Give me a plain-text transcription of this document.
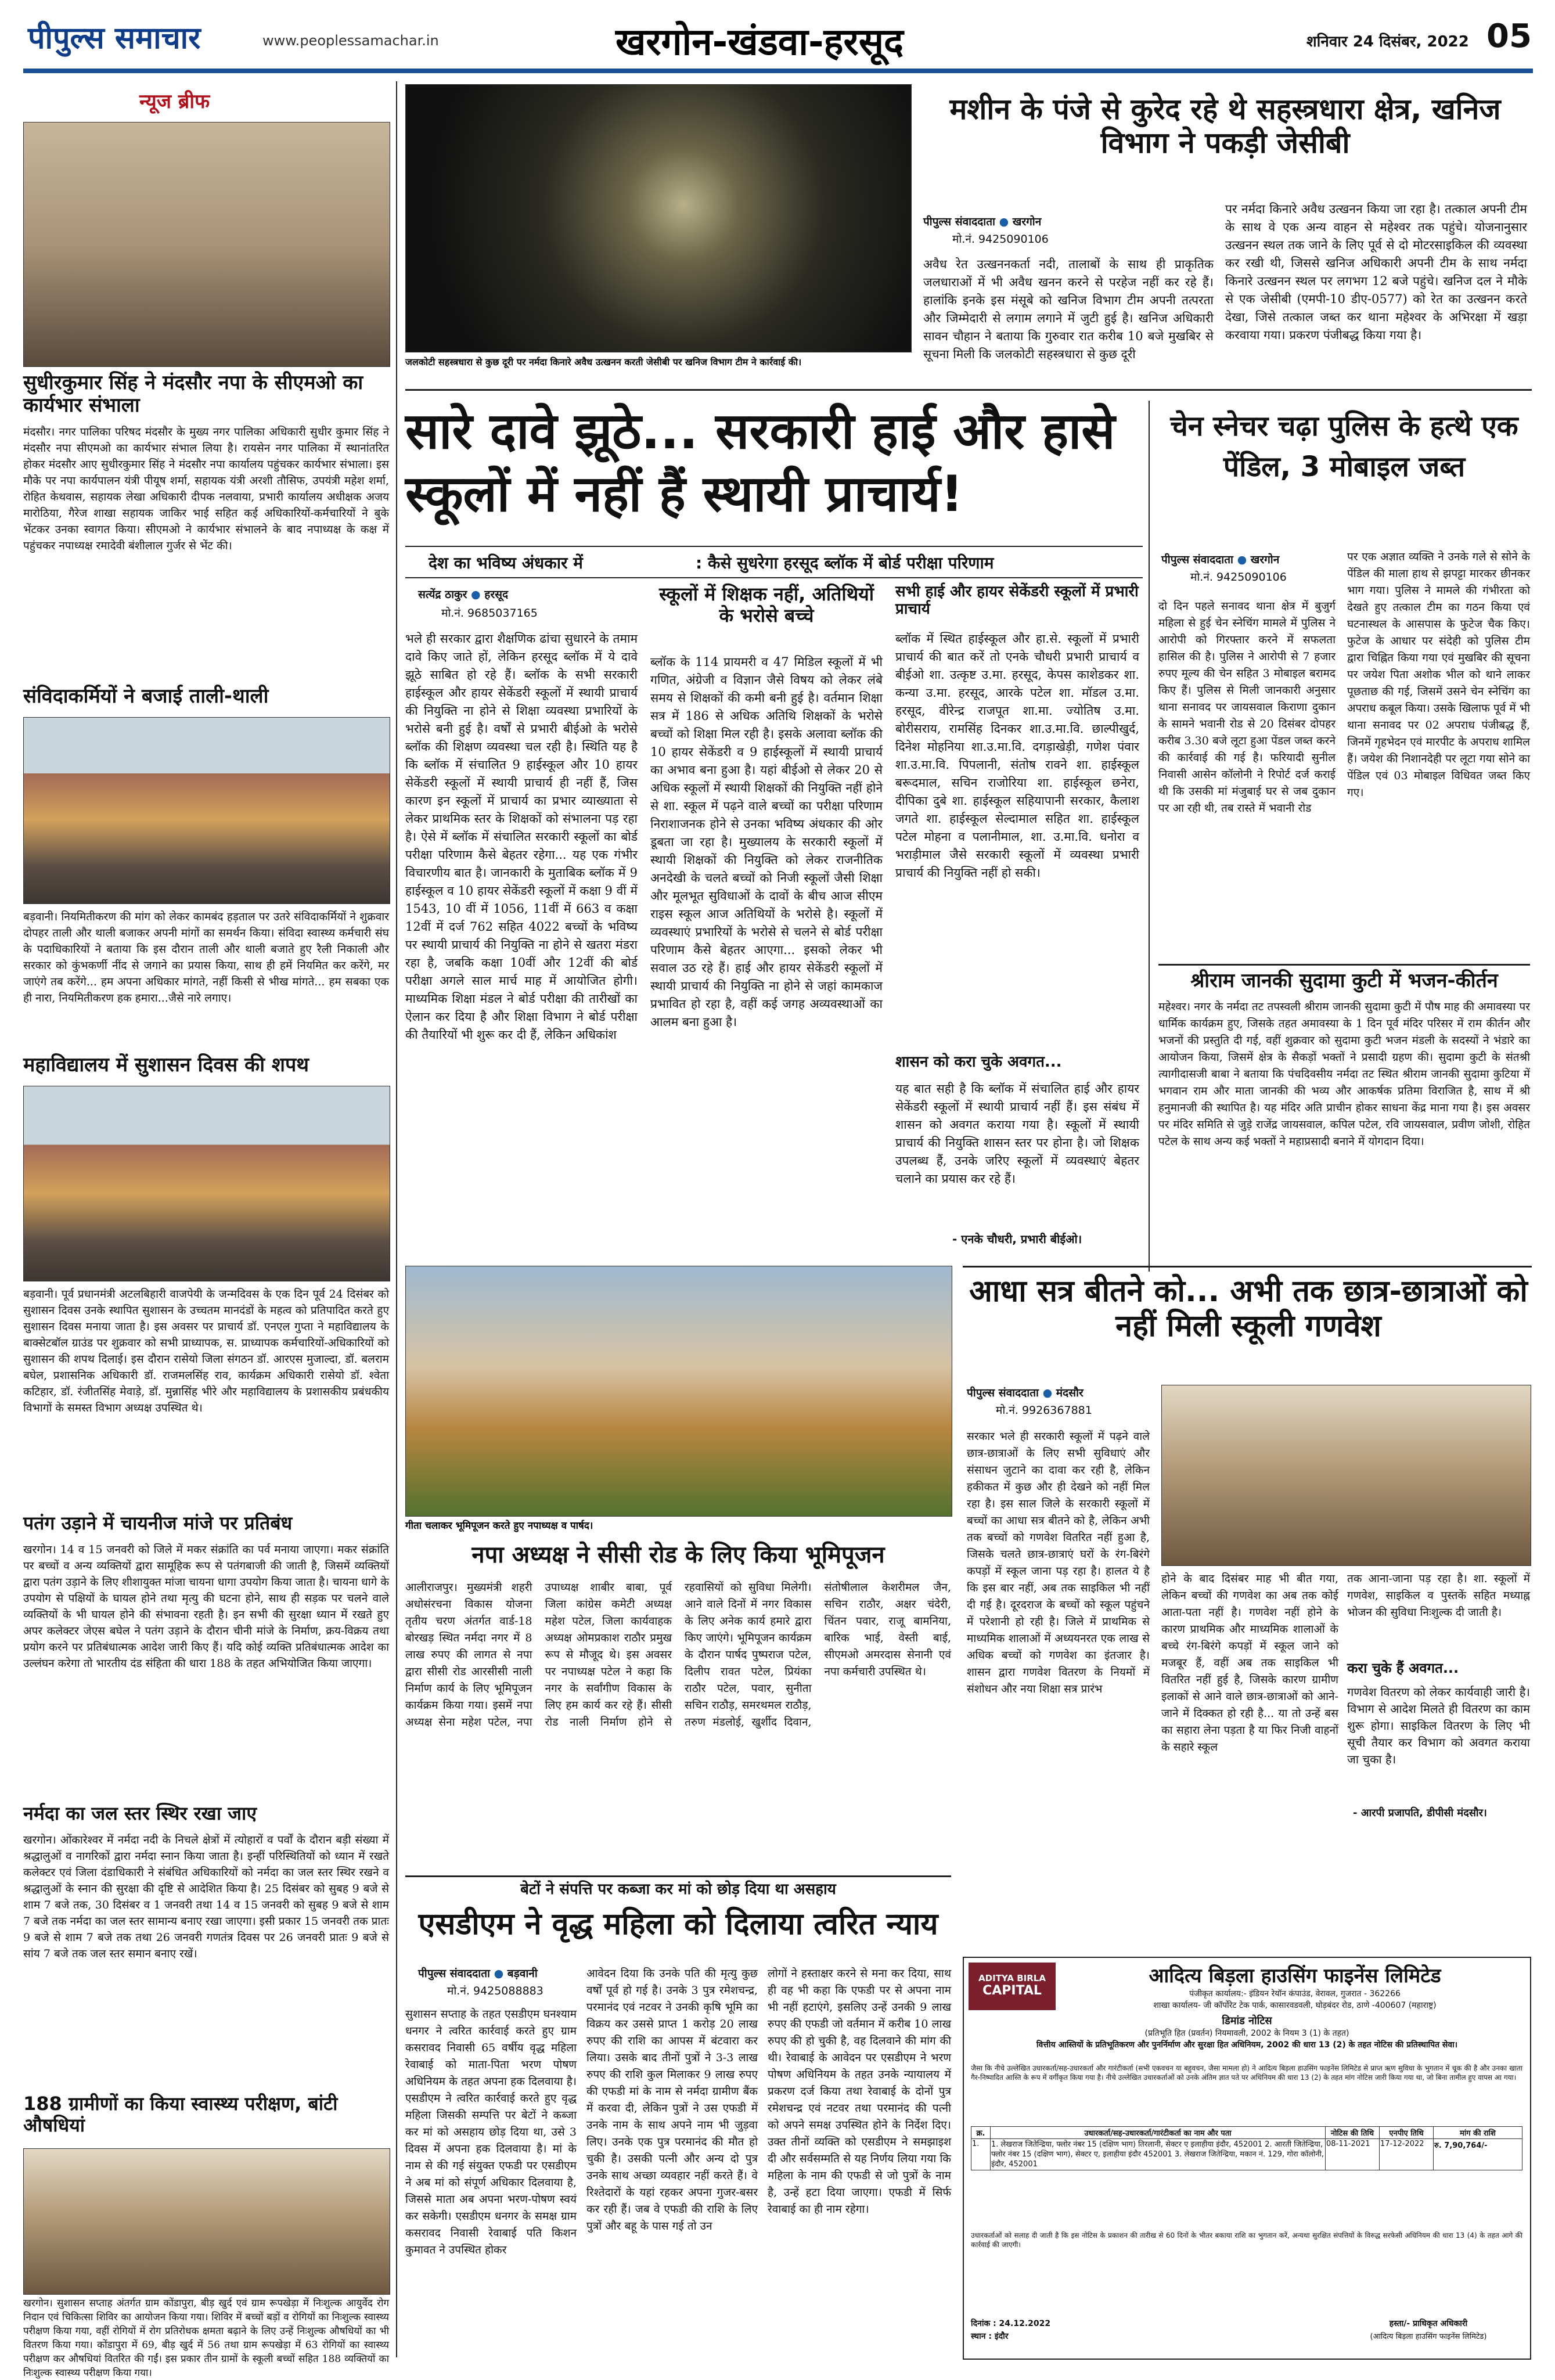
पीपुल्स समाचार	www.peoplessamachar.in	खरगोन-खंडवा-हरसूद	शनिवार 24 दिसंबर, 2022 05
न्यूज ब्रीफ
सुधीरकुमार सिंह ने मंदसौर नपा के सीएमओ का कार्यभार संभाला
मंदसौर। नगर पालिका परिषद मंदसौर के मुख्य नगर पालिका अधिकारी सुधीर कुमार सिंह ने मंदसौर नपा सीएमओ का कार्यभार संभाल लिया है। रायसेन नगर पालिका में स्थानांतरित होकर मंदसौर आए सुधीरकुमार सिंह ने मंदसौर नपा कार्यालय पहुंचकर कार्यभार संभाला। इस मौके पर नपा कार्यपालन यंत्री पीयूष शर्मा, सहायक यंत्री अरशी तौसिफ, उपयंत्री महेश शर्मा, रोहित केथवास, सहायक लेखा अधिकारी दीपक नलवाया, प्रभारी कार्यालय अधीक्षक अजय मारोठिया, गैरेज शाखा सहायक जाकिर भाई सहित कई अधिकारियों-कर्मचारियों ने बुके भेंटकर उनका स्वागत किया। सीएमओ ने कार्यभार संभालने के बाद नपाध्यक्ष के कक्ष में पहुंचकर नपाध्यक्ष रमादेवी बंशीलाल गुर्जर से भेंट की।
संविदाकर्मियों ने बजाई ताली-थाली
बड़वानी। नियमितीकरण की मांग को लेकर कामबंद हड़ताल पर उतरे संविदाकर्मियों ने शुक्रवार दोपहर ताली और थाली बजाकर अपनी मांगों का समर्थन किया। संविदा स्वास्थ्य कर्मचारी संघ के पदाधिकारियों ने बताया कि इस दौरान ताली और थाली बजाते हुए रैली निकाली और सरकार को कुंभकर्णी नींद से जगाने का प्रयास किया, साथ ही हमें नियमित कर करेंगे, मर जाएंगे तब करेंगे... हम अपना अधिकार मांगते, नहीं किसी से भीख मांगते... हम सबका एक ही नारा, नियमितीकरण हक हमारा...जैसे नारे लगाए।
महाविद्यालय में सुशासन दिवस की शपथ
बड़वानी। पूर्व प्रधानमंत्री अटलबिहारी वाजपेयी के जन्मदिवस के एक दिन पूर्व 24 दिसंबर को सुशासन दिवस उनके स्थापित सुशासन के उच्चतम मानदंडों के महत्व को प्रतिपादित करते हुए सुशासन दिवस मनाया जाता है। इस अवसर पर प्राचार्य डॉ. एनएल गुप्ता ने महाविद्यालय के बाक्सेटबॉल ग्राउंड पर शुक्रवार को सभी प्राध्यापक, स. प्राध्यापक कर्मचारियों-अधिकारियों को सुशासन की शपथ दिलाई। इस दौरान रासेयो जिला संगठन डॉ. आरएस मुजाल्दा, डॉ. बलराम बघेल, प्रशासनिक अधिकारी डॉ. राजमलसिंह राव, कार्यक्रम अधिकारी रासेयो डॉ. श्वेता कटिहार, डॉ. रंजीतसिंह मेवाड़े, डॉ. मुन्नासिंह भीरे और महाविद्यालय के प्रशासकीय प्रबंधकीय विभागों के समस्त विभाग अध्यक्ष उपस्थित थे।
पतंग उड़ाने में चायनीज मांजे पर प्रतिबंध
खरगोन। 14 व 15 जनवरी को जिले में मकर संक्रांति का पर्व मनाया जाएगा। मकर संक्रांति पर बच्चों व अन्य व्यक्तियों द्वारा सामूहिक रूप से पतंगबाजी की जाती है, जिसमें व्यक्तियों द्वारा पतंग उड़ाने के लिए शीशायुक्त मांजा चायना धागा उपयोग किया जाता है। चायना धागे के उपयोग से पक्षियों के घायल होने तथा मृत्यु की घटना होने, साथ ही सड़क पर चलने वाले व्यक्तियों के भी घायल होने की संभावना रहती है। इन सभी की सुरक्षा ध्यान में रखते हुए अपर कलेक्टर जेएस बघेल ने पतंग उड़ाने के दौरान चीनी मांजे के निर्माण, क्रय-विक्रय तथा प्रयोग करने पर प्रतिबंधात्मक आदेश जारी किए हैं। यदि कोई व्यक्ति प्रतिबंधात्मक आदेश का उल्लंघन करेगा तो भारतीय दंड संहिता की धारा 188 के तहत अभियोजित किया जाएगा।
नर्मदा का जल स्तर स्थिर रखा जाए
खरगोन। ओंकारेश्वर में नर्मदा नदी के निचले क्षेत्रों में त्योहारों व पर्वों के दौरान बड़ी संख्या में श्रद्धालुओं व नागरिकों द्वारा नर्मदा स्नान किया जाता है। इन्हीं परिस्थितियों को ध्यान में रखते कलेक्टर एवं जिला दंडाधिकारी ने संबंधित अधिकारियों को नर्मदा का जल स्तर स्थिर रखने व श्रद्धालुओं के स्नान की सुरक्षा की दृष्टि से आदेशित किया है। 25 दिसंबर को सुबह 9 बजे से शाम 7 बजे तक, 30 दिसंबर व 1 जनवरी तथा 14 व 15 जनवरी को सुबह 9 बजे से शाम 7 बजे तक नर्मदा का जल स्तर सामान्य बनाए रखा जाएगा। इसी प्रकार 15 जनवरी तक प्रातः 9 बजे से शाम 7 बजे तक तथा 26 जनवरी गणतंत्र दिवस पर 26 जनवरी प्रातः 9 बजे से सांय 7 बजे तक जल स्तर समान बनाए रखें।
188 ग्रामीणों का किया स्वास्थ्य परीक्षण, बांटी औषधियां
खरगोन। सुशासन सप्ताह अंतर्गत ग्राम कोंडापुरा, बीड़ खुर्द एवं ग्राम रूपखेड़ा में निःशुल्क आयुर्वेद रोग निदान एवं चिकित्सा शिविर का आयोजन किया गया। शिविर में बच्चों बड़ों व रोगियों का निःशुल्क स्वास्थ्य परीक्षण किया गया, वहीं रोगियों में रोग प्रतिरोधक क्षमता बढ़ाने के लिए उन्हें निःशुल्क औषधियों का भी वितरण किया गया। कोंडापुरा में 69, बीड़ खुर्द में 56 तथा ग्राम रूपखेड़ा में 63 रोगियों का स्वास्थ्य परीक्षण कर औषधियां वितरित की गईं। इस प्रकार तीन ग्रामों के स्कूली बच्चों सहित 188 व्यक्तियों का निःशुल्क स्वास्थ्य परीक्षण किया गया।
जलकोटी सहस्त्रधारा से कुछ दूरी पर नर्मदा किनारे अवैध उत्खनन करती जेसीबी पर खनिज विभाग टीम ने कार्रवाई की।
मशीन के पंजे से कुरेद रहे थे सहस्त्रधारा क्षेत्र, खनिज विभाग ने पकड़ी जेसीबी
पीपुल्स संवाददाता ● खरगोन
मो.नं. 9425090106
अवैध रेत उत्खननकर्ता नदी, तालाबों के साथ ही प्राकृतिक जलधाराओं में भी अवैध खनन करने से परहेज नहीं कर रहे हैं। हालांकि इनके इस मंसूबे को खनिज विभाग टीम अपनी तत्परता और जिम्मेदारी से लगाम लगाने में जुटी हुई है। खनिज अधिकारी सावन चौहान ने बताया कि गुरुवार रात करीब 10 बजे मुखबिर से सूचना मिली कि जलकोटी सहस्त्रधारा से कुछ दूरी
पर नर्मदा किनारे अवैध उत्खनन किया जा रहा है। तत्काल अपनी टीम के साथ वे एक अन्य वाहन से महेश्वर तक पहुंचे। योजनानुसार उत्खनन स्थल तक जाने के लिए पूर्व से दो मोटरसाइकिल की व्यवस्था कर रखी थी, जिससे खनिज अधिकारी अपनी टीम के साथ नर्मदा किनारे उत्खनन स्थल पर लगभग 12 बजे पहुंचे। खनिज दल ने मौके से एक जेसीबी (एमपी-10 डीए-0577) को रेत का उत्खनन करते देखा, जिसे तत्काल जब्त कर थाना महेश्वर के अभिरक्षा में खड़ा करवाया गया। प्रकरण पंजीबद्ध किया गया है।
सारे दावे झूठे... सरकारी हाई और हासे स्कूलों में नहीं हैं स्थायी प्राचार्य!
देश का भविष्य अंधकार में	: कैसे सुधरेगा हरसूद ब्लॉक में बोर्ड परीक्षा परिणाम
सत्येंद्र ठाकुर ● हरसूद
मो.नं. 9685037165
भले ही सरकार द्वारा शैक्षणिक ढांचा सुधारने के तमाम दावे किए जाते हों, लेकिन हरसूद ब्लॉक में ये दावे झूठे साबित हो रहे हैं। ब्लॉक के सभी सरकारी हाईस्कूल और हायर सेकेंडरी स्कूलों में स्थायी प्राचार्य की नियुक्ति ना होने से शिक्षा व्यवस्था प्रभारियों के भरोसे बनी हुई है। वर्षों से प्रभारी बीईओ के भरोसे ब्लॉक की शिक्षण व्यवस्था चल रही है। स्थिति यह है कि ब्लॉक में संचालित 9 हाईस्कूल और 10 हायर सेकेंडरी स्कूलों में स्थायी प्राचार्य ही नहीं हैं, जिस कारण इन स्कूलों में प्राचार्य का प्रभार व्याख्याता से लेकर प्राथमिक स्तर के शिक्षकों को संभालना पड़ रहा है। ऐसे में ब्लॉक में संचालित सरकारी स्कूलों का बोर्ड परीक्षा परिणाम कैसे बेहतर रहेगा... यह एक गंभीर विचारणीय बात है। जानकारी के मुताबिक ब्लॉक में 9 हाईस्कूल व 10 हायर सेकेंडरी स्कूलों में कक्षा 9 वीं में 1543, 10 वीं में 1056, 11वीं में 663 व कक्षा 12वीं में दर्ज 762 सहित 4022 बच्चों के भविष्य पर स्थायी प्राचार्य की नियुक्ति ना होने से खतरा मंडरा रहा है, जबकि कक्षा 10वीं और 12वीं की बोर्ड परीक्षा अगले साल मार्च माह में आयोजित होगी। माध्यमिक शिक्षा मंडल ने बोर्ड परीक्षा की तारीखों का ऐलान कर दिया है और शिक्षा विभाग ने बोर्ड परीक्षा की तैयारियों भी शुरू कर दी हैं, लेकिन अधिकांश
स्कूलों में शिक्षक नहीं, अतिथियों के भरोसे बच्चे
ब्लॉक के 114 प्रायमरी व 47 मिडिल स्कूलों में भी गणित, अंग्रेजी व विज्ञान जैसे विषय को लेकर लंबे समय से शिक्षकों की कमी बनी हुई है। वर्तमान शिक्षा सत्र में 186 से अधिक अतिथि शिक्षकों के भरोसे बच्चों को शिक्षा मिल रही है। इसके अलावा ब्लॉक की 10 हायर सेकेंडरी व 9 हाईस्कूलों में स्थायी प्राचार्य का अभाव बना हुआ है। यहां बीईओ से लेकर 20 से अधिक स्कूलों में स्थायी शिक्षकों की नियुक्ति नहीं होने से शा. स्कूल में पढ़ने वाले बच्चों का परीक्षा परिणाम निराशाजनक होने से उनका भविष्य अंधकार की ओर डूबता जा रहा है। मुख्यालय के सरकारी स्कूलों में स्थायी शिक्षकों की नियुक्ति को लेकर राजनीतिक अनदेखी के चलते बच्चों को निजी स्कूलों जैसी शिक्षा और मूलभूत सुविधाओं के दावों के बीच आज सीएम राइस स्कूल आज अतिथियों के भरोसे है। स्कूलों में व्यवस्थाएं प्रभारियों के भरोसे से चलने से बोर्ड परीक्षा परिणाम कैसे बेहतर आएगा... इसको लेकर भी सवाल उठ रहे हैं। हाई और हायर सेकेंडरी स्कूलों में स्थायी प्राचार्य की नियुक्ति ना होने से जहां कामकाज प्रभावित हो रहा है, वहीं कई जगह अव्यवस्थाओं का आलम बना हुआ है।
सभी हाई और हायर सेकेंडरी स्कूलों में प्रभारी प्राचार्य
ब्लॉक में स्थित हाईस्कूल और हा.से. स्कूलों में प्रभारी प्राचार्य की बात करें तो एनके चौधरी प्रभारी प्राचार्य व बीईओ शा. उत्कृष्ट उ.मा. हरसूद, केपस काशेडकर शा. कन्या उ.मा. हरसूद, आरके पटेल शा. मॉडल उ.मा. हरसूद, वीरेन्द्र राजपूत शा.मा. ज्योतिष उ.मा. बोरीसराय, रामसिंह दिनकर शा.उ.मा.वि. छाल्पीखुर्द, दिनेश मोहनिया शा.उ.मा.वि. दगड़ाखेड़ी, गणेश पंवार शा.उ.मा.वि. पिपलानी, संतोष रावने शा. हाईस्कूल बरूदमाल, सचिन राजोरिया शा. हाईस्कूल छनेरा, दीपिका दुबे शा. हाईस्कूल सहियापानी सरकार, कैलाश जगते शा. हाईस्कूल सेल्दामाल सहित शा. हाईस्कूल पटेल मोहना व पलानीमाल, शा. उ.मा.वि. धनोरा व भराड़ीमाल जैसे सरकारी स्कूलों में व्यवस्था प्रभारी प्राचार्य की नियुक्ति नहीं हो सकी।
शासन को करा चुके अवगत...
यह बात सही है कि ब्लॉक में संचालित हाई और हायर सेकेंडरी स्कूलों में स्थायी प्राचार्य नहीं हैं। इस संबंध में शासन को अवगत कराया गया है। स्कूलों में स्थायी प्राचार्य की नियुक्ति शासन स्तर पर होना है। जो शिक्षक उपलब्ध हैं, उनके जरिए स्कूलों में व्यवस्थाएं बेहतर चलाने का प्रयास कर रहे हैं।
- एनके चौधरी, प्रभारी बीईओ।
गीता चलाकर भूमिपूजन करते हुए नपाध्यक्ष व पार्षद।
चेन स्नेचर चढ़ा पुलिस के हत्थे एक पेंडिल, 3 मोबाइल जब्त
पीपुल्स संवाददाता ● खरगोन
मो.नं. 9425090106
दो दिन पहले सनावद थाना क्षेत्र में बुजुर्ग महिला से हुई चेन स्नेचिंग मामले में पुलिस ने आरोपी को गिरफ्तार करने में सफलता हासिल की है। पुलिस ने आरोपी से 7 हजार रुपए मूल्य की चेन सहित 3 मोबाइल बरामद किए हैं। पुलिस से मिली जानकारी अनुसार थाना सनावद पर जायसवाल किराणा दुकान के सामने भवानी रोड से 20 दिसंबर दोपहर करीब 3.30 बजे लूटा हुआ पेंडल जब्त करने की कार्रवाई की गई है। फरियादी सुनील निवासी आसेन कॉलोनी ने रिपोर्ट दर्ज कराई थी कि उसकी मां मंजुबाई घर से जब दुकान पर आ रही थी, तब रास्ते में भवानी रोड
पर एक अज्ञात व्यक्ति ने उनके गले से सोने के पेंडिल की माला हाथ से झपट्टा मारकर छीनकर भाग गया। पुलिस ने मामले की गंभीरता को देखते हुए तत्काल टीम का गठन किया एवं घटनास्थल के आसपास के फुटेज चैक किए। फुटेज के आधार पर संदेही को पुलिस टीम द्वारा चिह्नित किया गया एवं मुखबिर की सूचना पर जयेश पिता अशोक भील को थाने लाकर पूछताछ की गई, जिसमें उसने चेन स्नेचिंग का अपराध कबूल किया। उसके खिलाफ पूर्व में भी थाना सनावद पर 02 अपराध पंजीबद्ध हैं, जिनमें गृहभेदन एवं मारपीट के अपराध शामिल हैं। जयेश की निशानदेही पर लूटा गया सोने का पेंडिल एवं 03 मोबाइल विधिवत जब्त किए गए।
श्रीराम जानकी सुदामा कुटी में भजन-कीर्तन
महेश्वर। नगर के नर्मदा तट तपस्वली श्रीराम जानकी सुदामा कुटी में पौष माह की अमावस्या पर धार्मिक कार्यक्रम हुए, जिसके तहत अमावस्या के 1 दिन पूर्व मंदिर परिसर में राम कीर्तन और भजनों की प्रस्तुति दी गई, वहीं शुक्रवार को सुदामा कुटी भजन मंडली के सदस्यों ने भंडारे का आयोजन किया, जिसमें क्षेत्र के सैकड़ों भक्तों ने प्रसादी ग्रहण की। सुदामा कुटी के संतश्री त्यागीदासजी बाबा ने बताया कि पंचदिवसीय नर्मदा तट स्थित श्रीराम जानकी सुदामा कुटिया में भगवान राम और माता जानकी की भव्य और आकर्षक प्रतिमा विराजित है, साथ में श्री हनुमानजी की स्थापित है। यह मंदिर अति प्राचीन होकर साधना केंद्र माना गया है। इस अवसर पर मंदिर समिति से जुड़े राजेंद्र जायसवाल, कपिल पटेल, रवि जायसवाल, प्रवीण जोशी, रोहित पटेल के साथ अन्य कई भक्तों ने महाप्रसादी बनाने में योगदान दिया।
आधा सत्र बीतने को... अभी तक छात्र-छात्राओं को नहीं मिली स्कूली गणवेश
पीपुल्स संवाददाता ● मंदसौर
मो.नं. 9926367881
सरकार भले ही सरकारी स्कूलों में पढ़ने वाले छात्र-छात्राओं के लिए सभी सुविधाएं और संसाधन जुटाने का दावा कर रही है, लेकिन हकीकत में कुछ और ही देखने को नहीं मिल रहा है। इस साल जिले के सरकारी स्कूलों में बच्चों का आधा सत्र बीतने को है, लेकिन अभी तक बच्चों को गणवेश वितरित नहीं हुआ है, जिसके चलते छात्र-छात्राएं घरों के रंग-बिरंगे कपड़ों में स्कूल जाना पड़ रहा है। हालत ये है कि इस बार नहीं, अब तक साइकिल भी नहीं दी गई है। दूरदराज के बच्चों को स्कूल पहुंचने में परेशानी हो रही है। जिले में प्राथमिक से माध्यमिक शालाओं में अध्ययनरत एक लाख से अधिक बच्चों को गणवेश का इंतजार है। शासन द्वारा गणवेश वितरण के नियमों में संशोधन और नया शिक्षा सत्र प्रारंभ
होने के बाद दिसंबर माह भी बीत गया, लेकिन बच्चों की गणवेश का अब तक कोई आता-पता नहीं है। गणवेश नहीं होने के कारण प्राथमिक और माध्यमिक शालाओं के बच्चे रंग-बिरंगे कपड़ों में स्कूल जाने को मजबूर हैं, वहीं अब तक साइकिल भी वितरित नहीं हुई है, जिसके कारण ग्रामीण इलाकों से आने वाले छात्र-छात्राओं को आने-जाने में दिक्कत हो रही है... या तो उन्हें बस का सहारा लेना पड़ता है या फिर निजी वाहनों के सहारे स्कूल
तक आना-जाना पड़ रहा है। शा. स्कूलों में गणवेश, साइकिल व पुस्तकें सहित मध्याह्न भोजन की सुविधा निःशुल्क दी जाती है।
करा चुके हैं अवगत...
गणवेश वितरण को लेकर कार्यवाही जारी है। विभाग से आदेश मिलते ही वितरण का काम शुरू होगा। साइकिल वितरण के लिए भी सूची तैयार कर विभाग को अवगत कराया जा चुका है।
- आरपी प्रजापति, डीपीसी मंदसौर।
नपा अध्यक्ष ने सीसी रोड के लिए किया भूमिपूजन
आलीराजपुर। मुख्यमंत्री शहरी अधोसंरचना विकास योजना तृतीय चरण अंतर्गत वार्ड-18 बोरखड़ स्थित नर्मदा नगर में 8 लाख रुपए की लागत से नपा द्वारा सीसी रोड आरसीसी नाली निर्माण कार्य के लिए भूमिपूजन कार्यक्रम किया गया। इसमें नपा अध्यक्ष सेना महेश पटेल, नपा उपाध्यक्ष शाबीर बाबा, पूर्व जिला कांग्रेस कमेटी अध्यक्ष महेश पटेल, जिला कार्यवाहक अध्यक्ष ओमप्रकाश राठौर प्रमुख रूप से मौजूद थे। इस अवसर पर नपाध्यक्ष पटेल ने कहा कि नगर के सर्वांगीण विकास के लिए हम कार्य कर रहे हैं। सीसी रोड नाली निर्माण होने से रहवासियों को सुविधा मिलेगी। आने वाले दिनों में नगर विकास के लिए अनेक कार्य हमारे द्वारा किए जाएंगे। भूमिपूजन कार्यक्रम के दौरान पार्षद पुष्पराज पटेल, दिलीप रावत पटेल, प्रियंका राठौर पटेल, पवार, सुनीता सचिन राठौड़, समरथमल राठौड़, तरुण मंडलोई, खुर्शीद दिवान, संतोषीलाल केशरीमल जैन, सचिन राठौर, अक्षर चंदेरी, चिंतन पवार, राजू बामनिया, बारिक भाई, वेस्ती बाई, सीएमओ अमरदास सेनानी एवं नपा कर्मचारी उपस्थित थे।
बेटों ने संपत्ति पर कब्जा कर मां को छोड़ दिया था असहाय
एसडीएम ने वृद्ध महिला को दिलाया त्वरित न्याय
पीपुल्स संवाददाता ● बड़वानी
मो.नं. 9425088883
सुशासन सप्ताह के तहत एसडीएम घनश्याम धनगर ने त्वरित कार्रवाई करते हुए ग्राम कसरावद निवासी 65 वर्षीय वृद्ध महिला रेवाबाई को माता-पिता भरण पोषण अधिनियम के तहत अपना हक दिलवाया है। एसडीएम ने त्वरित कार्रवाई करते हुए वृद्ध महिला जिसकी सम्पत्ति पर बेटों ने कब्जा कर मां को असहाय छोड़ दिया था, उसे 3 दिवस में अपना हक दिलवाया है। मां के नाम से की गई संयुक्त एफडी पर एसडीएम ने अब मां को संपूर्ण अधिकार दिलवाया है, जिससे माता अब अपना भरण-पोषण स्वयं कर सकेगी। एसडीएम धनगर के समक्ष ग्राम कसरावद निवासी रेवाबाई पति किशन कुमावत ने उपस्थित होकर
आवेदन दिया कि उनके पति की मृत्यु कुछ वर्षों पूर्व हो गई है। उनके 3 पुत्र रमेशचन्द्र, परमानंद एवं नटवर ने उनकी कृषि भूमि का विक्रय कर उससे प्राप्त 1 करोड़ 20 लाख रुपए की राशि का आपस में बंटवारा कर लिया। उसके बाद तीनों पुत्रों ने 3-3 लाख रुपए की राशि कुल मिलाकर 9 लाख रुपए की एफडी मां के नाम से नर्मदा ग्रामीण बैंक में करवा दी, लेकिन पुत्रों ने उस एफडी में उनके नाम के साथ अपने नाम भी जुड़वा लिए। उनके एक पुत्र परमानंद की मौत हो चुकी है। उसकी पत्नी और अन्य दो पुत्र उनके साथ अच्छा व्यवहार नहीं करते हैं। वे रिश्तेदारों के यहां रहकर अपना गुजर-बसर कर रही हैं। जब वे एफडी की राशि के लिए पुत्रों और बहू के पास गई तो उन
लोगों ने हस्ताक्षर करने से मना कर दिया, साथ ही वह भी कहा कि एफडी पर से अपना नाम भी नहीं हटाएंगे, इसलिए उन्हें उनकी 9 लाख रुपए की एफडी जो वर्तमान में करीब 10 लाख रुपए की हो चुकी है, वह दिलवाने की मांग की थी। रेवाबाई के आवेदन पर एसडीएम ने भरण पोषण अधिनियम के तहत उनके न्यायालय में प्रकरण दर्ज किया तथा रेवाबाई के दोनों पुत्र रमेशचन्द्र एवं नटवर तथा परमानंद की पत्नी को अपने समक्ष उपस्थित होने के निर्देश दिए। उक्त तीनों व्यक्ति को एसडीएम ने समझाइश दी और सर्वसम्मति से यह निर्णय लिया गया कि महिला के नाम की एफडी से जो पुत्रों के नाम है, उन्हें हटा दिया जाएगा। एफडी में सिर्फ रेवाबाई का ही नाम रहेगा।
ADITYA BIRLA
CAPITAL
आदित्य बिड़ला हाउसिंग फाइनेंस लिमिटेड
पंजीकृत कार्यालय:- इंडियन रेयॉन कंपाउंड, वेरावल, गुजरात - 362266
शाखा कार्यालय- जी कॉर्पोरेट टेक पार्क, कासारवडवली, घोड़बंदर रोड, ठाणे -400607 (महाराष्ट्र)
डिमांड नोटिस
(प्रतिभूति हित (प्रवर्तन) नियमावली, 2002 के नियम 3 (1) के तहत)
वित्तीय आस्तियों के प्रतिभूतिकरण और पुनर्निर्माण और सुरक्षा हित अधिनियम, 2002 की धारा 13 (2) के तहत नोटिस की प्रतिस्थापित सेवा।
जैसा कि नीचे उल्लेखित उधारकर्ता/सह-उधारकर्ता और गारंटीकर्ता (सभी एकवचन या बहुवचन, जैसा मामला हो) ने आदित्य बिड़ला हाउसिंग फाइनेंस लिमिटेड से प्राप्त ऋण सुविधा के भुगतान में चूक की है और उनका खाता गैर-निष्पादित आस्ति के रूप में वर्गीकृत किया गया है। नीचे उल्लेखित उधारकर्ताओं को उनके अंतिम ज्ञात पते पर अधिनियम की धारा 13 (2) के तहत मांग नोटिस जारी किया गया था, जो बिना तामील हुए वापस आ गया।
क्र.	उधारकर्ता/सह-उधारकर्ता/गारंटीकर्ता का नाम और पता	नोटिस की तिथि	एनपीए तिथि	मांग की राशि
1.	1. लेखराज जितेन्द्रिया, फ्लोर नंबर 15 (दक्षिण भाग) तिरलानी, सेक्टर ए इलाहीया इंदौर, 452001 2. आरती जितेन्द्रिया, फ्लोर नंबर 15 (दक्षिण भाग), सेक्टर ए, इलाहीया इंदौर 452001 3. लेखराज जितेन्द्रिया, मकान नं. 129, गोरा कॉलोनी, इंदौर, 452001	08-11-2021	17-12-2022	रु. 7,90,764/-
उधारकर्ताओं को सलाह दी जाती है कि इस नोटिस के प्रकाशन की तारीख से 60 दिनों के भीतर बकाया राशि का भुगतान करें, अन्यथा सुरक्षित संपत्तियों के विरुद्ध सरफेसी अधिनियम की धारा 13 (4) के तहत आगे की कार्रवाई की जाएगी।
दिनांक : 24.12.2022
स्थान : इंदौर
हस्ता/- प्राधिकृत अधिकारी
(आदित्य बिड़ला हाउसिंग फाइनेंस लिमिटेड)
